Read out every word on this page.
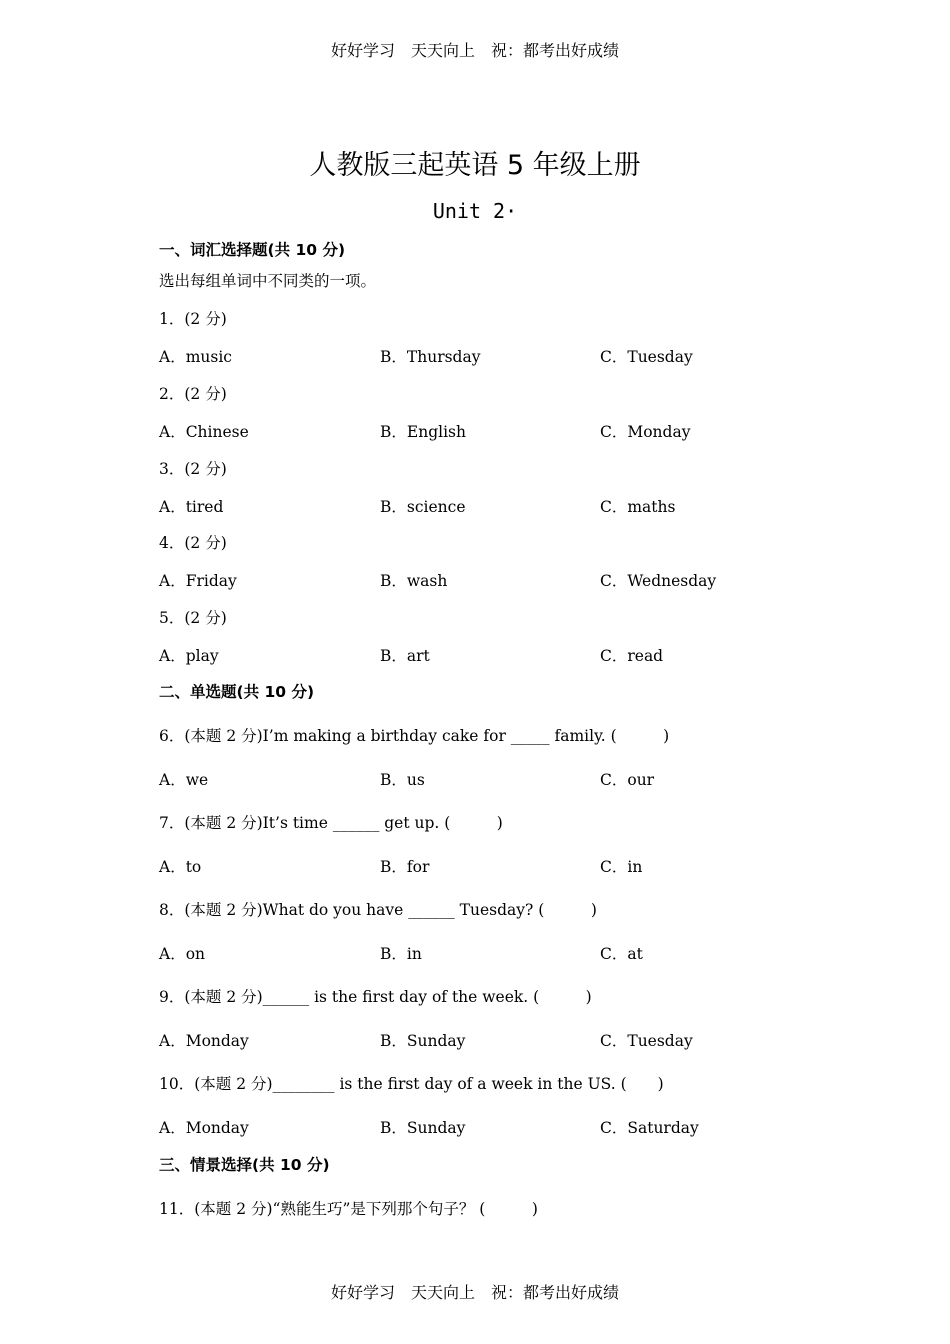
好好学习　天天向上　祝：都考出好成绩
人教版三起英语 5 年级上册
Unit 2·
一、词汇选择题(共 10 分)
选出每组单词中不同类的一项。
1．(2 分)
A．music	B．Thursday	C．Tuesday
2．(2 分)
A．Chinese	B．English	C．Monday
3．(2 分)
A．tired	B．science	C．maths
4．(2 分)
A．Friday	B．wash	C．Wednesday
5．(2 分)
A．play	B．art	C．read
二、单选题(共 10 分)
6．(本题 2 分)I’m making a birthday cake for _____ family. (　　　)
A．we	B．us	C．our
7．(本题 2 分)It’s time ______ get up. (　　　)
A．to	B．for	C．in
8．(本题 2 分)What do you have ______ Tuesday? (　　　)
A．on	B．in	C．at
9．(本题 2 分)______ is the first day of the week. (　　　)
A．Monday	B．Sunday	C．Tuesday
10．(本题 2 分)________ is the first day of a week in the US. (　　)
A．Monday	B．Sunday	C．Saturday
三、情景选择(共 10 分)
11．(本题 2 分)“熟能生巧”是下列那个句子？ (　　　)
好好学习　天天向上　祝：都考出好成绩
